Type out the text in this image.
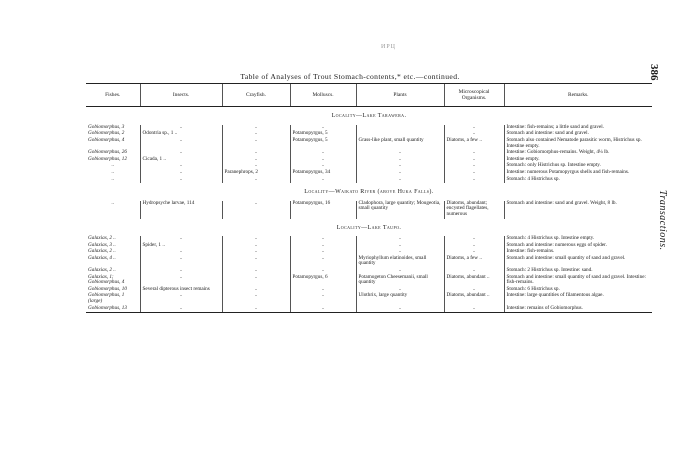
ИРЦ
Table of Analyses of Trout Stomach-contents,* etc.—continued.	386
Transactions.
Fishes.	Insects.	Crayfish.	Molluscs.	Plants	Microscopical Organisms.	Remarks.
Locality—Lake Tarawera.						
Gobiomorphus, 3	..	..	..		..	Intestine: fish-remains; a little sand and gravel.
Gobiomorphus, 2	Odontria sp., 1 ..	..	Potamopyrgus, 5		..	Stomach and intestine: sand and gravel.
Gobiomorphus, 4	..	..	Potamopyrgus, 5	Grass-like plant, small quantity	Diatoms, a few ..	Stomach also contained Nematode parasitic worm, Histrichus sp. Intestine empty.
Gobiomorphus, 26	..	..	..	..	..	Intestine: Gobiomorphus-remains. Weight, 4¼ lb.
Gobiomorphus, 12	Cicada, 1 ..	..	..	..	..	Intestine empty.
..	..	..	..	..	..	Stomach: only Histrichus sp. Intestine empty.
..	..	Paranephrops, 2	Potamopyrgus, 34	..	..	Intestine: numerous Potamopyrgus shells and fish-remains.
..	..	..	..	..	..	Stomach: 4 Histrichus sp.
Locality—Waikato River (above Huka Falls).						
..	Hydropsyche larvae, 114	..	Potamopyrgus, 16	Cladophora, large quantity; Mougeotia, small quantity	Diatoms, abundant; encysted flagellates, numerous	Stomach and intestine: sand and gravel. Weight, 8 lb.
Locality—Lake Taupo.						
Galaxias, 2 ..	..	..	..	..	..	Stomach: 4 Histrichus sp. Intestine empty.
Galaxias, 3 ..	Spider, 1 ..	..	..	..	..	Stomach and intestine: numerous eggs of spider.
Galaxias, 2 ..	..	..	..	..	..	Intestine: fish-remains.
Galaxias, 4 ..	..	..	..	Myriophyllum elatinoides, small quantity	Diatoms, a few ..	Stomach and intestine: small quantity of sand and gravel.
Galaxias, 2 ..	..	..	..	..	..	Stomach: 2 Histrichus sp. Intestine: sand.
Galaxias, 1; Gobiomorphus, 4	..	..	Potamopyrgus, 6	Potamogeton Cheesemanii, small quantity	Diatoms, abundant ..	Stomach and intestine: small quantity of sand and gravel. Intestine: fish-remains.
Gobiomorphus, 10	Several dipterous insect remains	..	..	..	..	Stomach: 6 Histrichus sp.
Gobiomorphus, 1 (large)	..	..	..	Ulothrix, large quantity	Diatoms, abundant ..	Intestine: large quantities of filamentous algae.
Gobiomorphus, 13	..	..	..	..	..	Intestine: remains of Gobiomorphus.
